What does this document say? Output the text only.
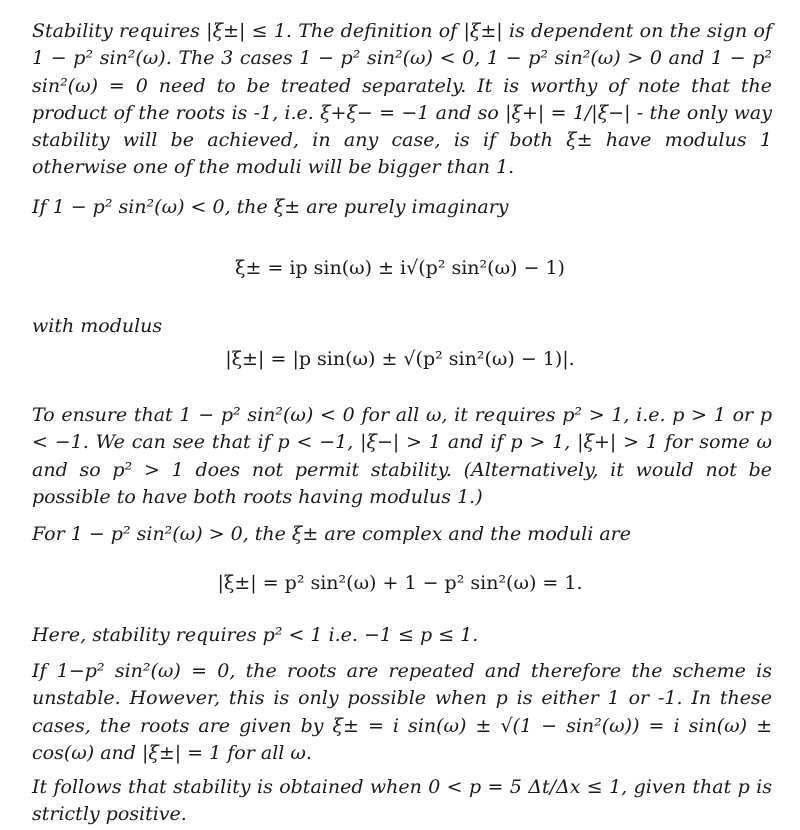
Stability requires |ξ±| ≤ 1. The definition of |ξ±| is dependent on the sign of 1 − p² sin²(ω). The 3 cases 1 − p² sin²(ω) < 0, 1 − p² sin²(ω) > 0 and 1 − p² sin²(ω) = 0 need to be treated separately. It is worthy of note that the product of the roots is -1, i.e. ξ+ξ− = −1 and so |ξ+| = 1/|ξ−| - the only way stability will be achieved, in any case, is if both ξ± have modulus 1 otherwise one of the moduli will be bigger than 1.
If 1 − p² sin²(ω) < 0, the ξ± are purely imaginary
ξ± = ip sin(ω) ± i√(p² sin²(ω) − 1)
with modulus
|ξ±| = |p sin(ω) ± √(p² sin²(ω) − 1)|.
To ensure that 1 − p² sin²(ω) < 0 for all ω, it requires p² > 1, i.e. p > 1 or p < −1. We can see that if p < −1, |ξ−| > 1 and if p > 1, |ξ+| > 1 for some ω and so p² > 1 does not permit stability. (Alternatively, it would not be possible to have both roots having modulus 1.)
For 1 − p² sin²(ω) > 0, the ξ± are complex and the moduli are
|ξ±| = p² sin²(ω) + 1 − p² sin²(ω) = 1.
Here, stability requires p² < 1 i.e. −1 ≤ p ≤ 1.
If 1−p² sin²(ω) = 0, the roots are repeated and therefore the scheme is unstable. However, this is only possible when p is either 1 or -1. In these cases, the roots are given by ξ± = i sin(ω) ± √(1 − sin²(ω)) = i sin(ω) ± cos(ω) and |ξ±| = 1 for all ω.
It follows that stability is obtained when 0 < p = 5 Δt/Δx ≤ 1, given that p is strictly positive.
